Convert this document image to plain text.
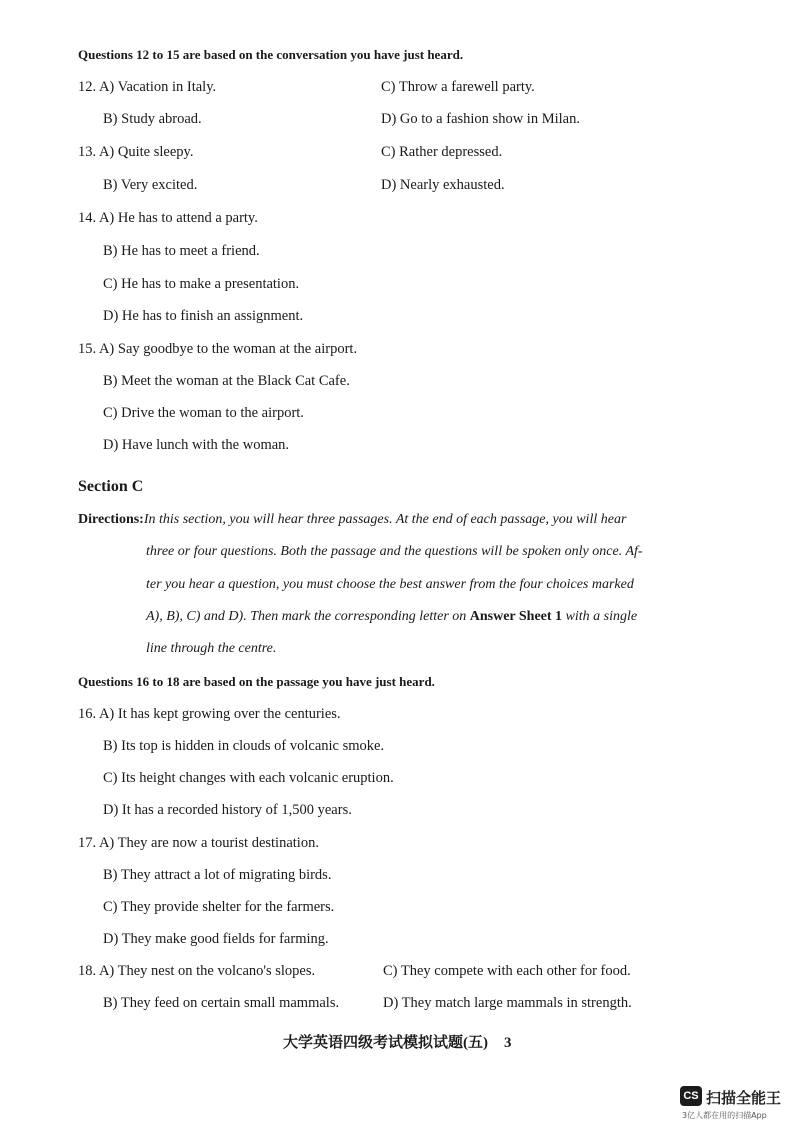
Questions 12 to 15 are based on the conversation you have just heard.
12. A) Vacation in Italy.	C) Throw a farewell party.
B) Study abroad.	D) Go to a fashion show in Milan.
13. A) Quite sleepy.	C) Rather depressed.
B) Very excited.	D) Nearly exhausted.
14. A) He has to attend a party.
B) He has to meet a friend.
C) He has to make a presentation.
D) He has to finish an assignment.
15. A) Say goodbye to the woman at the airport.
B) Meet the woman at the Black Cat Cafe.
C) Drive the woman to the airport.
D) Have lunch with the woman.
Section C
Directions:In this section, you will hear three passages. At the end of each passage, you will hear
three or four questions. Both the passage and the questions will be spoken only once. Af-
ter you hear a question, you must choose the best answer from the four choices marked
A), B), C) and D). Then mark the corresponding letter on Answer Sheet 1 with a single
line through the centre.
Questions 16 to 18 are based on the passage you have just heard.
16. A) It has kept growing over the centuries.
B) Its top is hidden in clouds of volcanic smoke.
C) Its height changes with each volcanic eruption.
D) It has a recorded history of 1,500 years.
17. A) They are now a tourist destination.
B) They attract a lot of migrating birds.
C) They provide shelter for the farmers.
D) They make good fields for farming.
18. A) They nest on the volcano's slopes.	C) They compete with each other for food.
B) They feed on certain small mammals.	D) They match large mammals in strength.
大学英语四级考试模拟试题(五) 3
CS 扫描全能王
3亿人都在用的扫描App
